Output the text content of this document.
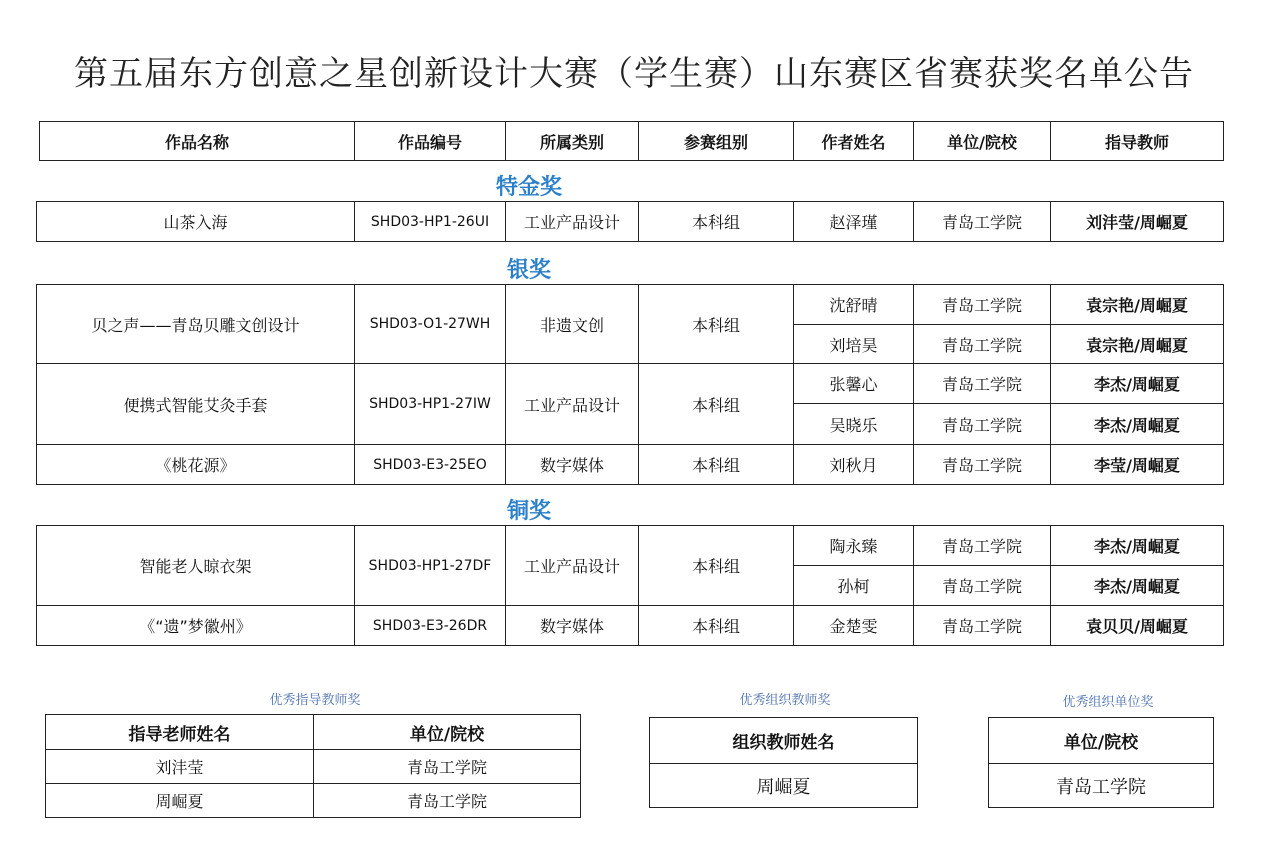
第五届东方创意之星创新设计大赛（学生赛）山东赛区省赛获奖名单公告
作品名称	作品编号	所属类别	参赛组别	作者姓名	单位/院校	指导教师
特金奖
山茶入海	SHD03-HP1-26UI	工业产品设计	本科组	赵泽瑾	青岛工学院	刘沣莹/周崛夏
银奖
贝之声——青岛贝雕文创设计	SHD03-O1-27WH	非遗文创	本科组	沈舒晴	青岛工学院	袁宗艳/周崛夏
				刘培昊	青岛工学院	袁宗艳/周崛夏
便携式智能艾灸手套	SHD03-HP1-27IW	工业产品设计	本科组	张馨心	青岛工学院	李杰/周崛夏
				吴晓乐	青岛工学院	李杰/周崛夏
《桃花源》	SHD03-E3-25EO	数字媒体	本科组	刘秋月	青岛工学院	李莹/周崛夏
铜奖
智能老人晾衣架	SHD03-HP1-27DF	工业产品设计	本科组	陶永臻	青岛工学院	李杰/周崛夏
				孙柯	青岛工学院	李杰/周崛夏
《“遗”梦徽州》	SHD03-E3-26DR	数字媒体	本科组	金楚雯	青岛工学院	袁贝贝/周崛夏
优秀指导教师奖
指导老师姓名	单位/院校
刘沣莹	青岛工学院
周崛夏	青岛工学院
优秀组织教师奖
组织教师姓名
周崛夏
优秀组织单位奖
单位/院校
青岛工学院
